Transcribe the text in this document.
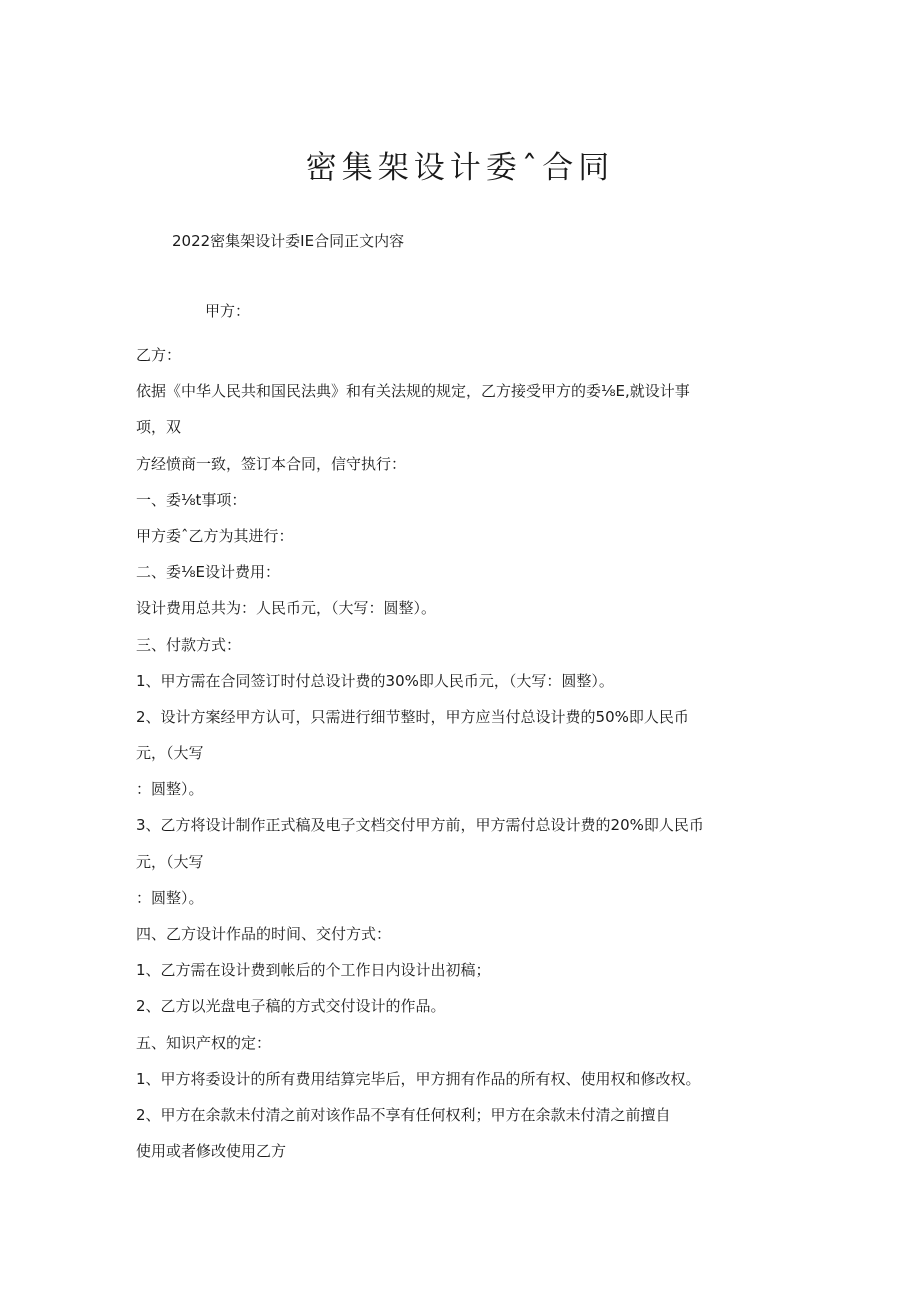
密集架设计委ˆ合同

2022密集架设计委IE合同正文内容

甲方：
乙方：
依据《中华人民共和国民法典》和有关法规的规定，乙方接受甲方的委⅛E,就设计事
项，双
方经愤商一致，签订本合同，信守执行：
一、委⅛t事项：
甲方委ˆ乙方为其进行：
二、委⅛E设计费用：
设计费用总共为：人民币元，（大写：圆整）。
三、付款方式：
1、甲方需在合同签订时付总设计费的30%即人民币元，（大写：圆整）。
2、设计方案经甲方认可，只需进行细节整时，甲方应当付总设计费的50%即人民币
元，（大写
：圆整）。
3、乙方将设计制作正式稿及电子文档交付甲方前，甲方需付总设计费的20%即人民币
元，（大写
：圆整）。
四、乙方设计作品的时间、交付方式：
1、乙方需在设计费到帐后的个工作日内设计出初稿；
2、乙方以光盘电子稿的方式交付设计的作品。
五、知识产权的定：
1、甲方将委设计的所有费用结算完毕后，甲方拥有作品的所有权、使用权和修改权。
2、甲方在余款未付清之前对该作品不享有任何权利；甲方在余款未付清之前擅自
使用或者修改使用乙方
